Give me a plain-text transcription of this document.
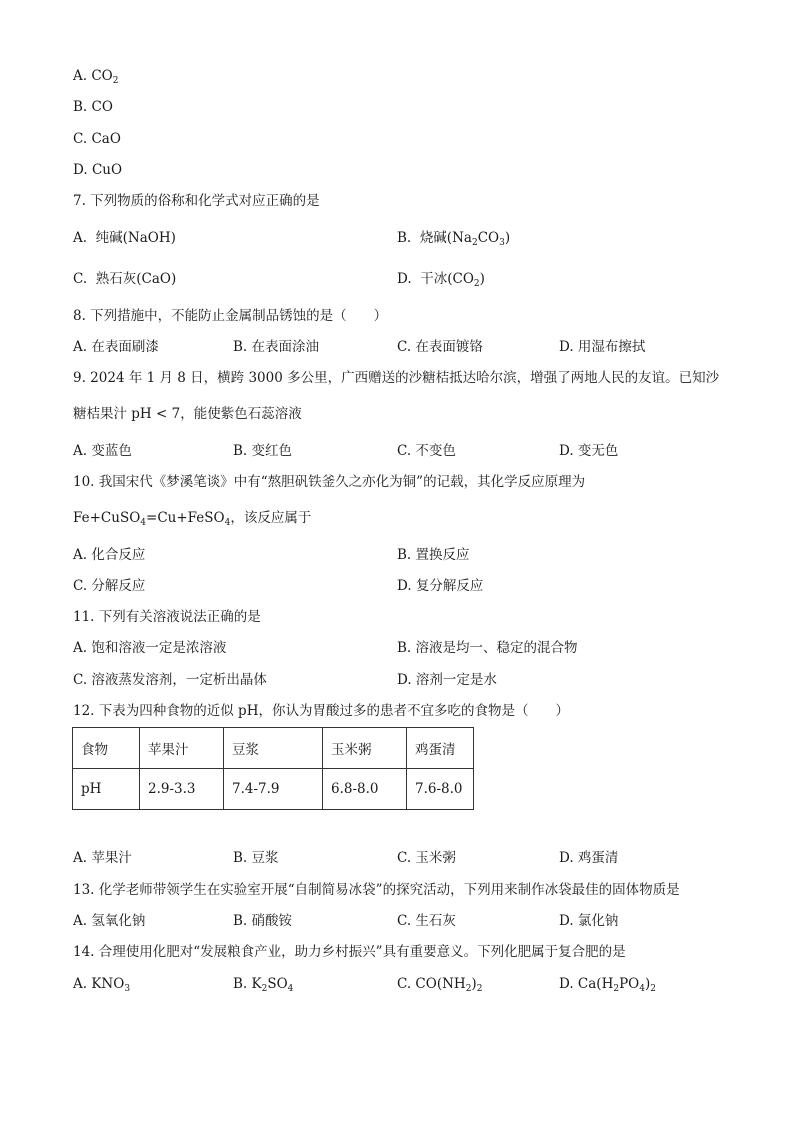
A. $CO_2$
B. CO
C. CaO
D. CuO
7. 下列物质的俗称和化学式对应正确的是
A. 纯碱(NaOH)	B. 烧碱$(Na_2CO_3)$
C. 熟石灰(CaO)	D. 干冰$(CO_2)$
8. 下列措施中，不能防止金属制品锈蚀的是（　　）
A. 在表面刷漆	B. 在表面涂油	C. 在表面镀铬	D. 用湿布擦拭
9. 2024 年 1 月 8 日，横跨 3000 多公里，广西赠送的沙糖桔抵达哈尔滨，增强了两地人民的友谊。已知沙
糖桔果汁 pH < 7，能使紫色石蕊溶液
A. 变蓝色	B. 变红色	C. 不变色	D. 变无色
10. 我国宋代《梦溪笔谈》中有“熬胆矾铁釜久之亦化为铜”的记载，其化学反应原理为
Fe+CuSO$_4$=Cu+FeSO$_4$，该反应属于
A. 化合反应	B. 置换反应
C. 分解反应	D. 复分解反应
11. 下列有关溶液说法正确的是
A. 饱和溶液一定是浓溶液	B. 溶液是均一、稳定的混合物
C. 溶液蒸发溶剂，一定析出晶体	D. 溶剂一定是水
12. 下表为四种食物的近似 pH，你认为胃酸过多的患者不宜多吃的食物是（　　）
食物	苹果汁	豆浆	玉米粥	鸡蛋清
pH	2.9-3.3	7.4-7.9	6.8-8.0	7.6-8.0
A. 苹果汁	B. 豆浆	C. 玉米粥	D. 鸡蛋清
13. 化学老师带领学生在实验室开展“自制简易冰袋”的探究活动，下列用来制作冰袋最佳的固体物质是
A. 氢氧化钠	B. 硝酸铵	C. 生石灰	D. 氯化钠
14. 合理使用化肥对“发展粮食产业，助力乡村振兴”具有重要意义。下列化肥属于复合肥的是
A. $KNO_3$	B. $K_2SO_4$	C. $CO(NH_2)_2$	D. $Ca(H_2PO_4)_2$
